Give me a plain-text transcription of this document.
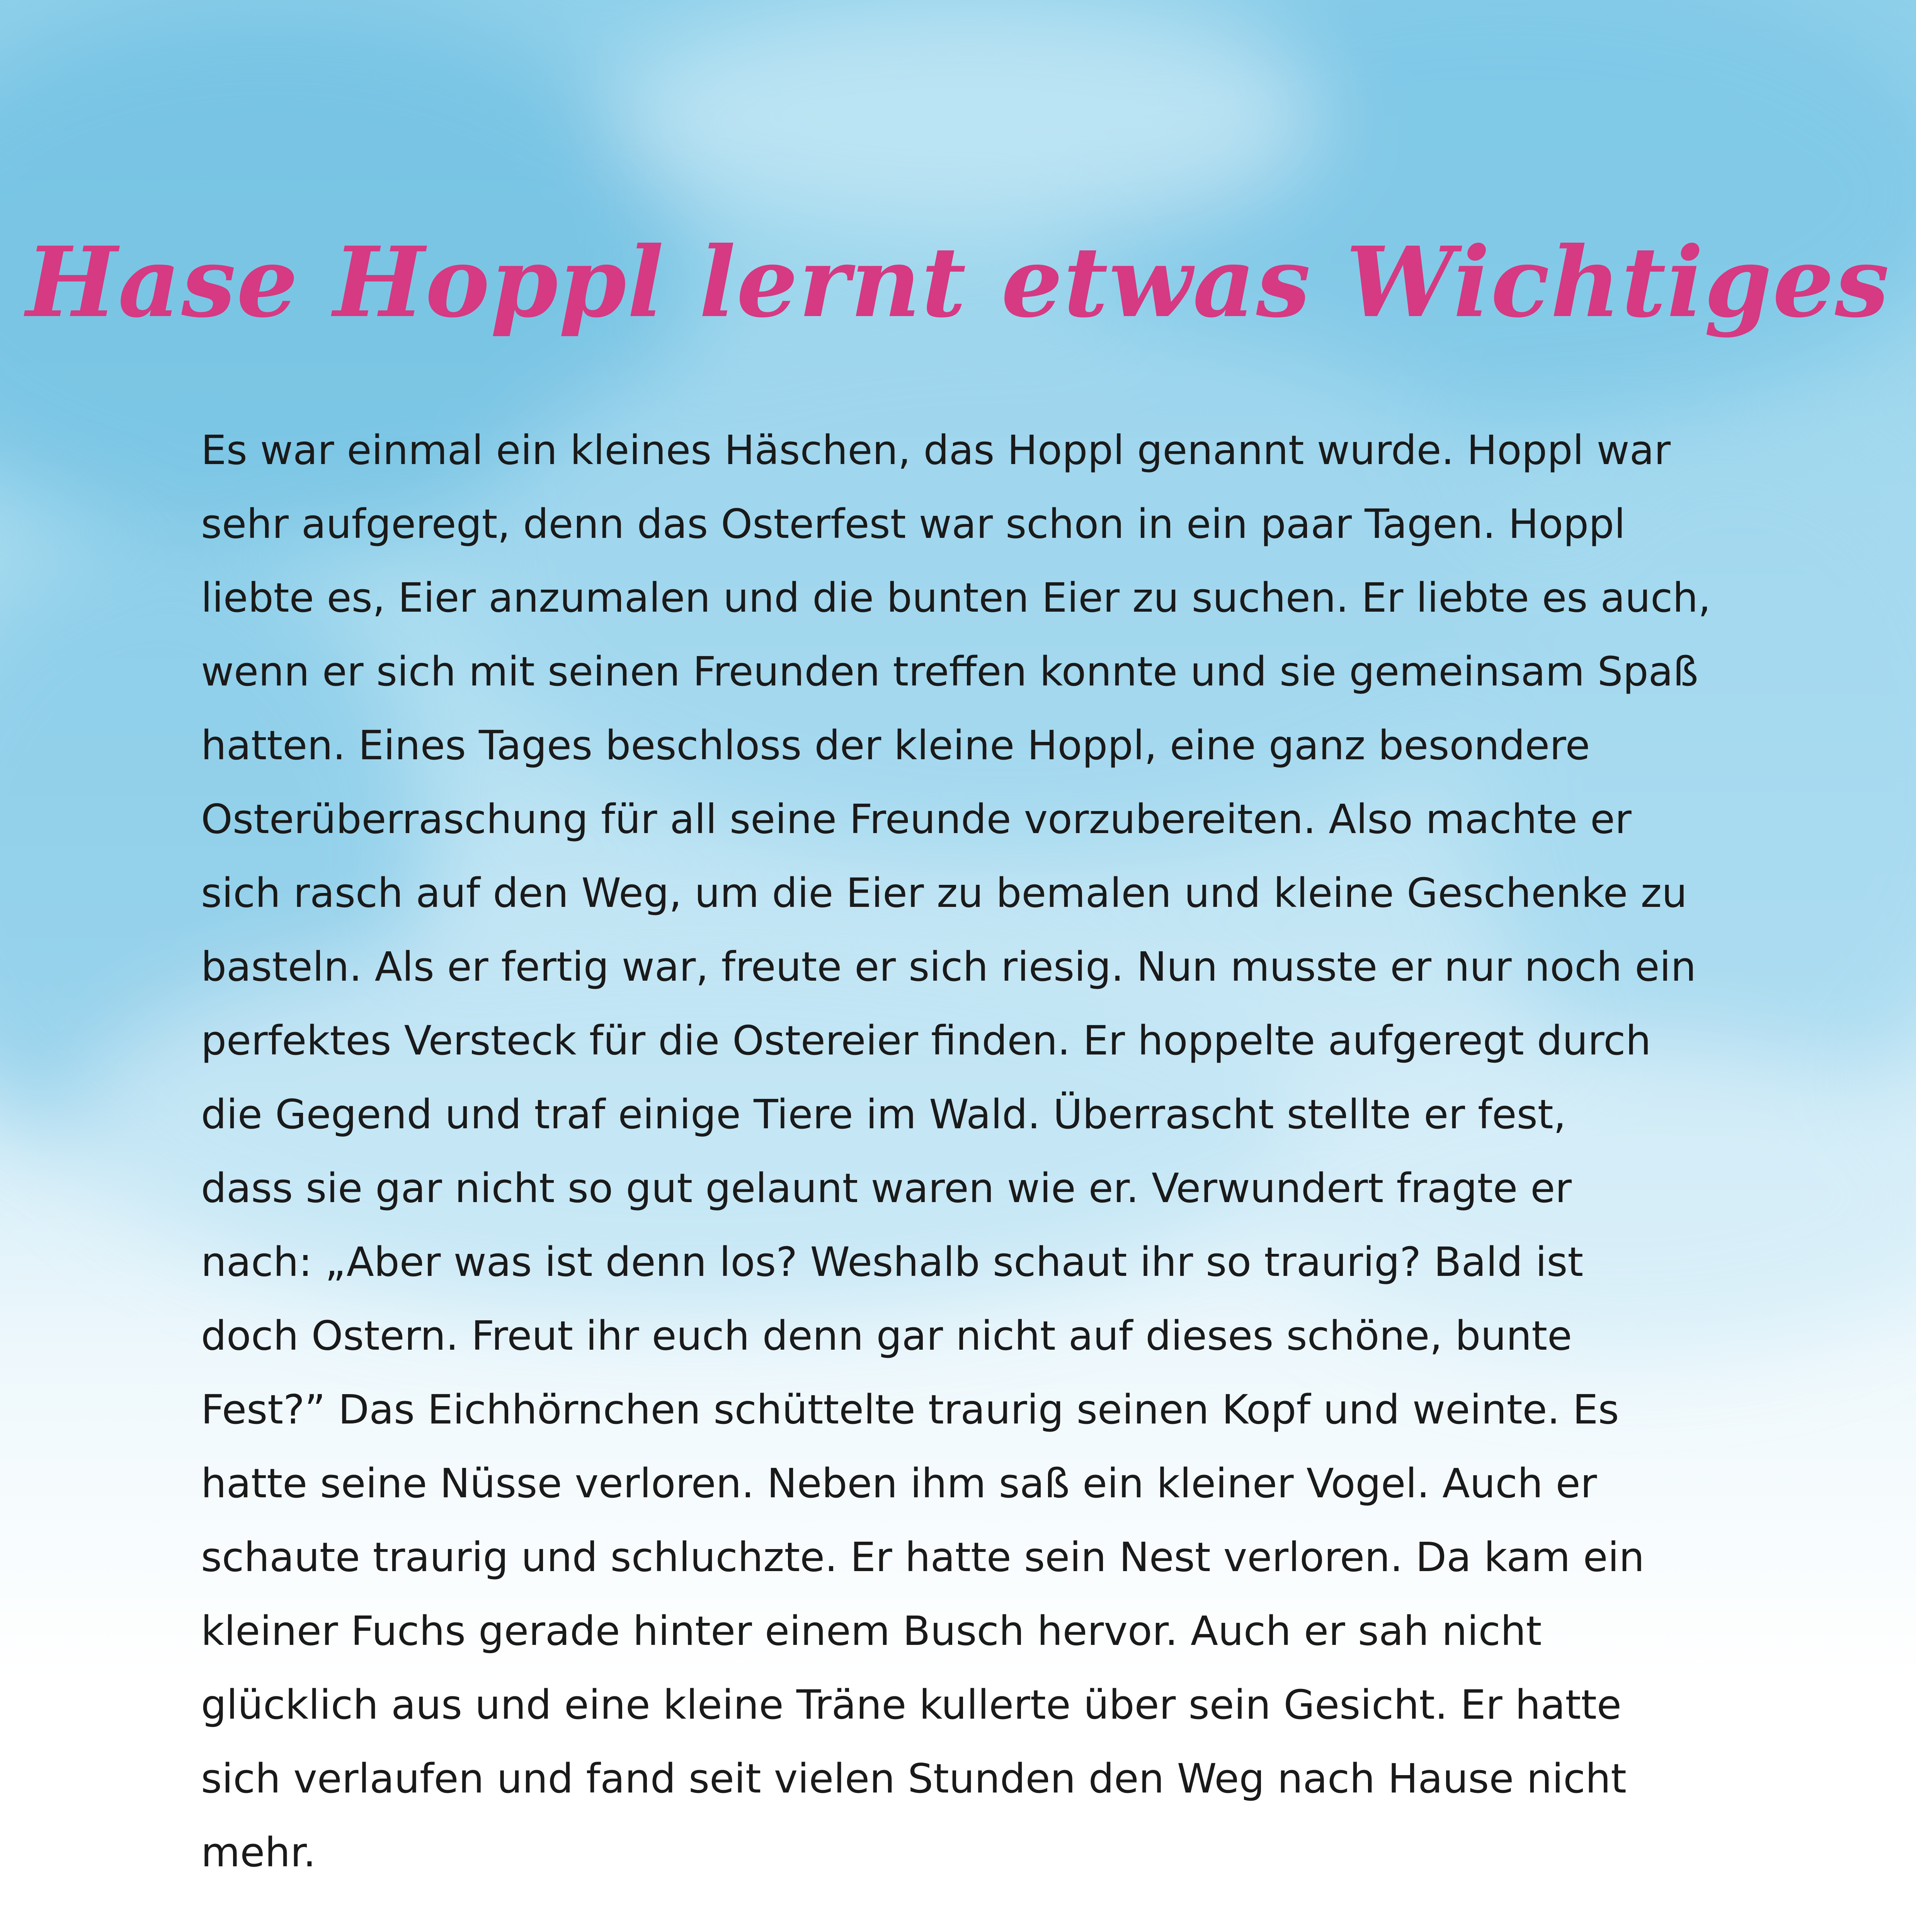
Hase Hoppl lernt etwas Wichtiges
Es war einmal ein kleines Häschen, das Hoppl genannt wurde. Hoppl war
sehr aufgeregt, denn das Osterfest war schon in ein paar Tagen. Hoppl
liebte es, Eier anzumalen und die bunten Eier zu suchen. Er liebte es auch,
wenn er sich mit seinen Freunden treffen konnte und sie gemeinsam Spaß
hatten. Eines Tages beschloss der kleine Hoppl, eine ganz besondere
Osterüberraschung für all seine Freunde vorzubereiten. Also machte er
sich rasch auf den Weg, um die Eier zu bemalen und kleine Geschenke zu
basteln. Als er fertig war, freute er sich riesig. Nun musste er nur noch ein
perfektes Versteck für die Ostereier finden. Er hoppelte aufgeregt durch
die Gegend und traf einige Tiere im Wald. Überrascht stellte er fest,
dass sie gar nicht so gut gelaunt waren wie er. Verwundert fragte er
nach: „Aber was ist denn los? Weshalb schaut ihr so traurig? Bald ist
doch Ostern. Freut ihr euch denn gar nicht auf dieses schöne, bunte
Fest?” Das Eichhörnchen schüttelte traurig seinen Kopf und weinte. Es
hatte seine Nüsse verloren. Neben ihm saß ein kleiner Vogel. Auch er
schaute traurig und schluchzte. Er hatte sein Nest verloren. Da kam ein
kleiner Fuchs gerade hinter einem Busch hervor. Auch er sah nicht
glücklich aus und eine kleine Träne kullerte über sein Gesicht. Er hatte
sich verlaufen und fand seit vielen Stunden den Weg nach Hause nicht
mehr.
